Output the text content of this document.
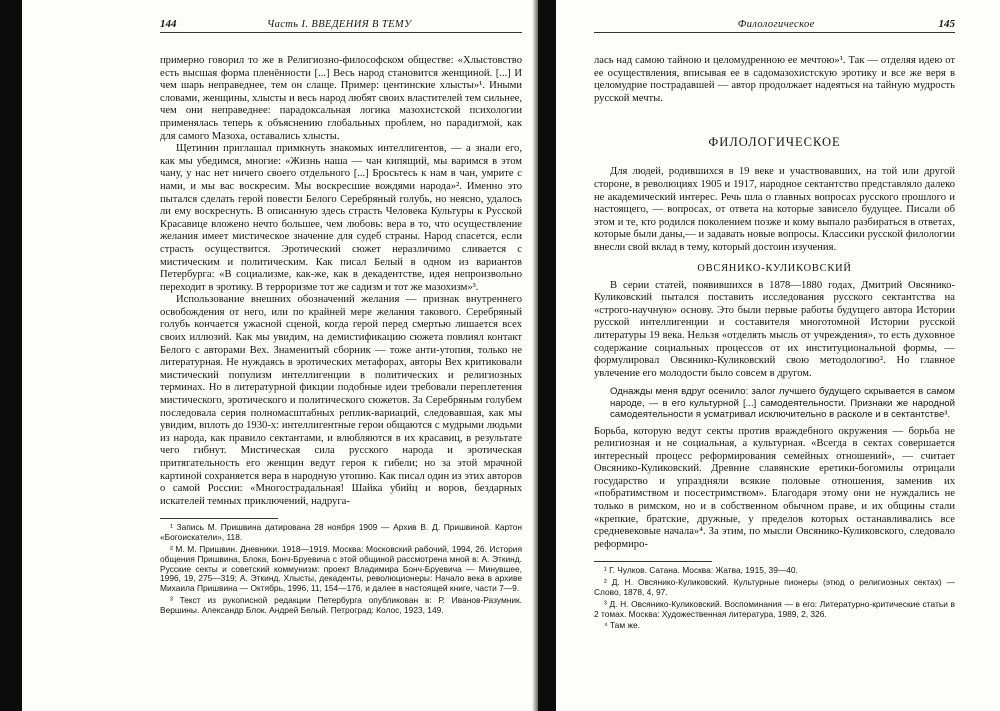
144	Часть I. ВВЕДЕНИЯ В ТЕМУ

примерно говорил то же в Религиозно-философском обществе: «Хлыстовство есть высшая форма пленённости [...] Весь народ становится женщиной. [...] И чем шарь неправеднее, тем он слаще. Пример: центинские хлысты»¹. Иными словами, женщины, хлысты и весь народ любят своих властителей тем сильнее, чем они неправеднее: парадоксальная логика мазохистской психологии применялась теперь к объяснению глобальных проблем, но парадигмой, как для самого Мазоха, оставались хлысты.

Щетинин приглашал примкнуть знакомых интеллигентов, — а знали его, как мы убедимся, многие: «Жизнь наша — чан кипящий, мы варимся в этом чану, у нас нет ничего своего отдельного [...] Бросьтесь к нам в чан, умрите с нами, и мы вас воскресим. Мы воскресшие вождями народа»². Именно это пытался сделать герой повести Белого Серебряный голубь, но неясно, удалось ли ему воскреснуть. В описанную здесь страсть Человека Культуры к Русской Красавице вложено нечто большее, чем любовь: вера в то, что осуществление желания имеет мистическое значение для судеб страны. Народ спасется, если страсть осуществится. Эротический сюжет неразличимо сливается с мистическим и политическим. Как писал Белый в одном из вариантов Петербурга: «В социализме, как-же, как в декадентстве, идея непроизвольно переходит в эротику. В терроризме тот же садизм и тот же мазохизм»³.

Использование внешних обозначений желания — признак внутреннего освобождения от него, или по крайней мере желания такового. Серебряный голубь кончается ужасной сценой, когда герой перед смертью лишается всех своих иллюзий. Как мы увидим, на демистификацию сюжета повлиял контакт Белого с авторами Вех. Знаменитый сборник — тоже анти-утопия, только не литературная. Не нуждаясь в эротических метафорах, авторы Вех критиковали мистический популизм интеллигенции в политических и религиозных терминах. Но в литературной фикции подобные идеи требовали переплетения мистического, эротического и политического сюжетов. За Серебряным голубем последовала серия полномасштабных реплик-вариаций, следовавшая, как мы увидим, вплоть до 1930-х: интеллигентные герои общаются с мудрыми людьми из народа, как правило сектантами, и влюбляются в их красавиц, в результате чего гибнут. Мистическая сила русского народа и эротическая притягательность его женщин ведут героя к гибели; но за этой мрачной картиной сохраняется вера в народную утопию. Как писал один из этих авторов о самой России: «Многострадальная! Шайка убийц и воров, бездарных искателей темных приключений, надруга-

¹ Запись М. Пришвина датирована 28 ноября 1909 — Архив В. Д. Пришвиной. Картон «Богоискатели», 118.

² М. М. Пришвин. Дневники. 1918—1919. Москва: Московский рабочий, 1994, 26. История общения Пришвина, Блока, Бонч-Бруевича с этой общиной рассмотрена мной в: А. Эткинд. Русские секты и советский коммунизм: проект Владимира Бонч-Бруевича — Минувшее, 1996, 19, 275—319; А. Эткинд. Хлысты, декаденты, революционеры: Начало века в архиве Михаила Пришвина — Октябрь, 1996, 11, 154—176, и далее в настоящей книге, части 7—9.

³ Текст из рукописной редакции Петербурга опубликован в: Р. Иванов-Разумник. Вершины. Александр Блок. Андрей Белый. Петроград: Колос, 1923, 149.

Филологическое	145

лась над самою тайною и целомудренною ее мечтою»¹. Так — отделяя идею от ее осуществления, вписывая ее в садомазохистскую эротику и все же веря в целомудрие пострадавшей — автор продолжает надеяться на тайную мудрость русской мечты.

ФИЛОЛОГИЧЕСКОЕ

Для людей, родившихся в 19 веке и участвовавших, на той или другой стороне, в революциях 1905 и 1917, народное сектантство представляло далеко не академический интерес. Речь шла о главных вопросах русского прошлого и настоящего, — вопросах, от ответа на которые зависело будущее. Писали об этом и те, кто родился поколением позже и кому выпало разбираться в ответах, которые были даны,— и задавать новые вопросы. Классики русской филологии внесли свой вклад в тему, который достоин изучения.

ОВСЯНИКО-КУЛИКОВСКИЙ

В серии статей, появившихся в 1878—1880 годах, Дмитрий Овсянико-Куликовский пытался поставить исследования русского сектантства на «строго-научную» основу. Это были первые работы будущего автора Истории русской интеллигенции и составителя многотомной Истории русской литературы 19 века. Нельзя «отделять мысль от учреждения», то есть духовное содержание социальных процессов от их институциональной формы, — формулировал Овсянико-Куликовский свою методологию². Но главное увлечение его молодости было совсем в другом.

Однажды меня вдруг осенило: залог лучшего будущего скрывается в самом народе, — в его культурной [...] самодеятельности. Признаки же народной самодеятельности я усматривал исключительно в расколе и в сектантстве³.

Борьба, которую ведут секты против враждебного окружения — борьба не религиозная и не социальная, а культурная. «Всегда в сектах совершается интересный процесс реформирования семейных отношений», — считает Овсянико-Куликовский. Древние славянские еретики-богомилы отрицали государство и упраздняли всякие половые отношения, заменив их «побратимством и посестримством». Благодаря этому они не нуждались не только в римском, но и в собственном обычном праве, и их общины стали «крепкие, братские, дружные, у пределов которых останавливались все средневековые начала»⁴. За этим, по мысли Овсянико-Куликовского, следовало реформиро-

¹ Г. Чулков. Сатана. Москва: Жатва, 1915, 39—40.

² Д. Н. Овсянико-Куликовский. Культурные пионеры (этюд о религиозных сектах) — Слово, 1878, 4, 97.

³ Д. Н. Овсянико-Куликовский. Воспоминания — в его: Литературно-критические статьи в 2 томах. Москва: Художественная литература, 1989, 2, 326.

⁴ Там же.
